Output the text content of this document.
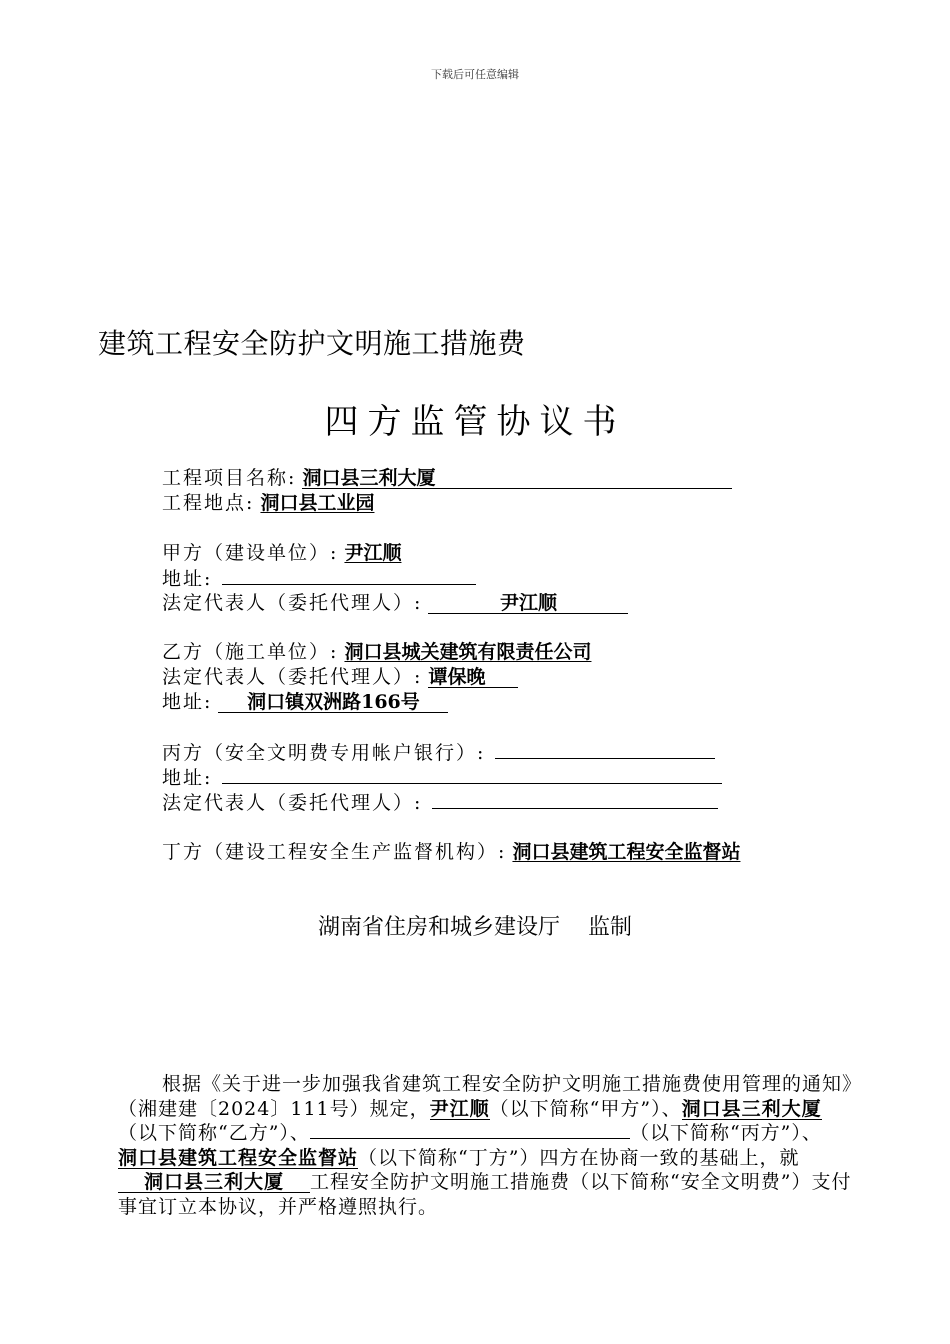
下载后可任意编辑
建筑工程安全防护文明施工措施费
四方监管协议书
工程项目名称: 洞口县三利大厦
工程地点: 洞口县工业园
甲方（建设单位）: 尹江顺
地址:
法定代表人（委托代理人）:	尹江顺
乙方（施工单位）: 洞口县城关建筑有限责任公司
法定代表人（委托代理人）: 谭保晚
地址: 洞口镇双洲路166号
丙方（安全文明费专用帐户银行）:
地址:
法定代表人（委托代理人）:
丁方（建设工程安全生产监督机构）: 洞口县建筑工程安全监督站
湖南省住房和城乡建设厅 监制
根据《关于进一步加强我省建筑工程安全防护文明施工措施费使用管理的通知》（湘建建〔2024〕111号）规定，尹江顺（以下简称“甲方”）、洞口县三利大厦（以下简称“乙方”）、	（以下简称“丙方”）、洞口县建筑工程安全监督站（以下简称“丁方”）四方在协商一致的基础上，就洞口县三利大厦 工程安全防护文明施工措施费（以下简称“安全文明费”）支付事宜订立本协议，并严格遵照执行。
